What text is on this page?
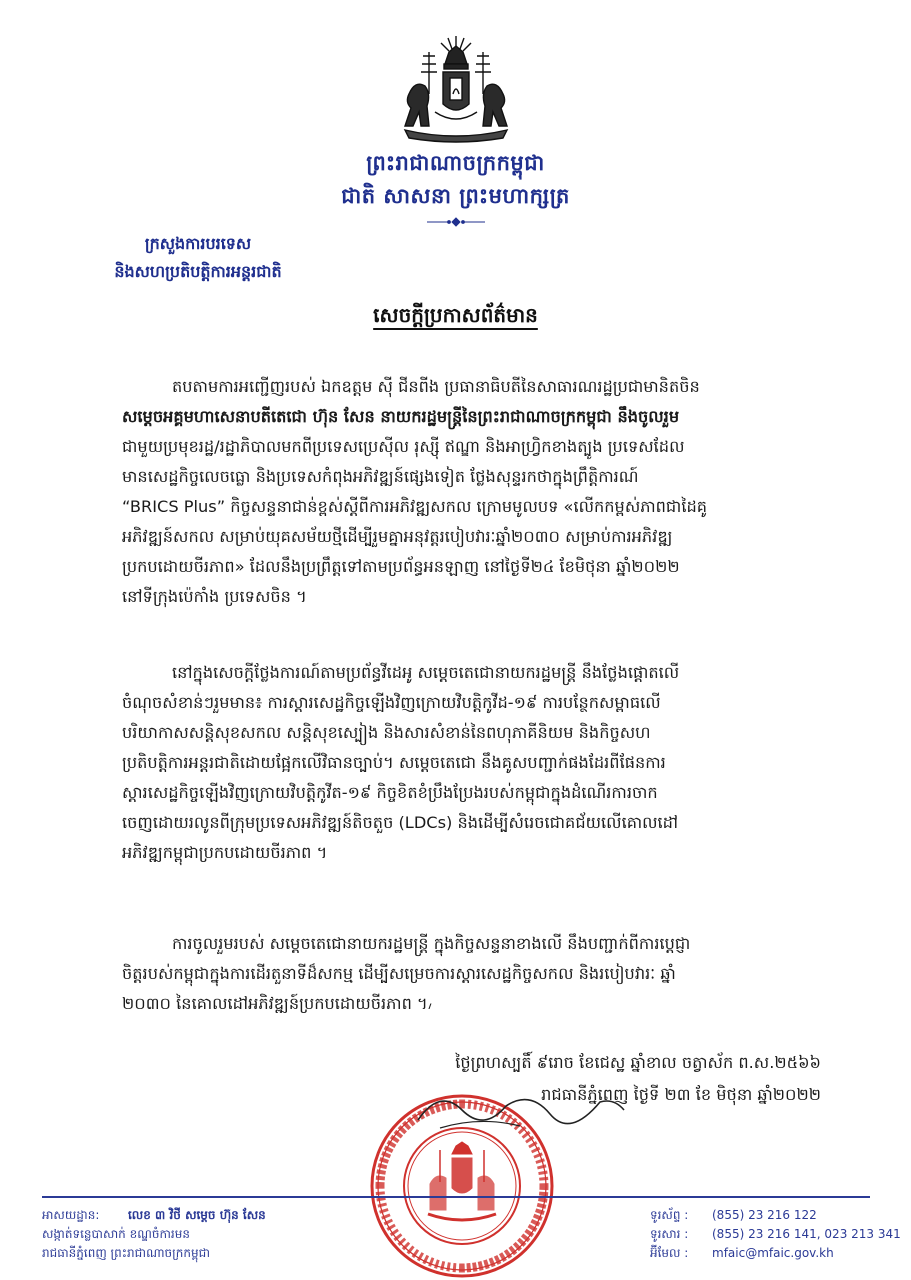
ព្រះរាជាណាចក្រកម្ពុជា
ជាតិ សាសនា ព្រះមហាក្សត្រ
ក្រសួងការបរទេស
និងសហប្រតិបត្តិការអន្តរជាតិ
សេចក្តីប្រកាសព័ត៌មាន
តបតាមការអញ្ជើញរបស់ ឯកឧត្តម ស៊ី ជីនពីង ប្រធានាធិបតីនៃសាធារណរដ្ឋប្រជាមានិតចិន
សម្តេចអគ្គមហាសេនាបតីតេជោ ហ៊ុន សែន នាយករដ្ឋមន្ត្រីនៃព្រះរាជាណាចក្រកម្ពុជា នឹងចូលរួម
ជាមួយប្រមុខរដ្ឋ/រដ្ឋាភិបាលមកពីប្រទេសប្រេស៊ីល រុស្ស៊ី ឥណ្ឌា និងអាហ្វ្រិកខាងត្បូង ប្រទេសដែល
មានសេដ្ឋកិច្ចលេចធ្លោ និងប្រទេសកំពុងអភិវឌ្ឍន៍ផ្សេងទៀត ថ្លែងសុន្ទរកថាក្នុងព្រឹត្តិការណ៍
“BRICS Plus” កិច្ចសន្ទនាជាន់ខ្ពស់ស្តីពីការអភិវឌ្ឍសកល ក្រោមមូលបទ «លើកកម្ពស់ភាពជាដៃគូ
អភិវឌ្ឍន៍សកល សម្រាប់យុគសម័យថ្មីដើម្បីរួមគ្នាអនុវត្តរបៀបវារៈឆ្នាំ២០៣០ សម្រាប់ការអភិវឌ្ឍ
ប្រកបដោយចីរភាព» ដែលនឹងប្រព្រឹត្តទៅតាមប្រព័ន្ធអនឡាញ នៅថ្ងៃទី២៤ ខែមិថុនា ឆ្នាំ២០២២
នៅទីក្រុងប៉េកាំង ប្រទេសចិន ។
នៅក្នុងសេចក្តីថ្លែងការណ៍តាមប្រព័ន្ធវីដេអូ សម្តេចតេជោនាយករដ្ឋមន្ត្រី នឹងថ្លែងផ្តោតលើ
ចំណុចសំខាន់ៗរួមមាន៖ ការស្តារសេដ្ឋកិច្ចឡើងវិញក្រោយវិបត្តិកូវីដ-១៩ ការបន្ថែកសម្ពាធលើ
បរិយាកាសសន្តិសុខសកល សន្តិសុខស្បៀង និងសារសំខាន់នៃពហុភាគីនិយម និងកិច្ចសហ
ប្រតិបត្តិការអន្តរជាតិដោយផ្អែកលើវិធានច្បាប់។ សម្តេចតេជោ នឹងគូសបញ្ជាក់ផងដែរពីផែនការ
ស្តារសេដ្ឋកិច្ចឡើងវិញក្រោយវិបត្តិកូវីត-១៩ កិច្ចខិតខំប្រឹងប្រែងរបស់កម្ពុជាក្នុងដំណើរការចាក
ចេញដោយរលូនពីក្រុមប្រទេសអភិវឌ្ឍន៍តិចតួច (LDCs) និងដើម្បីសំរេចជោគជ័យលើគោលដៅ
អភិវឌ្ឍកម្ពុជាប្រកបដោយចីរភាព ។
ការចូលរួមរបស់ សម្តេចតេជោនាយករដ្ឋមន្ត្រី ក្នុងកិច្ចសន្ទនាខាងលើ នឹងបញ្ជាក់ពីការប្តេជ្ញា
ចិត្តរបស់កម្ពុជាក្នុងការដើរតួនាទីដ៏សកម្ម ដើម្បីសម្រេចការស្តារសេដ្ឋកិច្ចសកល និងរបៀបវារៈ ឆ្នាំ
២០៣០ នៃគោលដៅអភិវឌ្ឍន៍ប្រកបដោយចីរភាព ។៸
ថ្ងៃព្រហស្បតិ៍ ៩រោច ខែជេស្ឋ ឆ្នាំខាល ចត្វាស័ក ព.ស.២៥៦៦
រាជធានីភ្នំពេញ ថ្ងៃទី ២៣ ខែ មិថុនា ឆ្នាំ២០២២
អាសយដ្ឋាន: លេខ ៣ វិថី សម្តេច ហ៊ុន សែន
សង្កាត់ទន្លេបាសាក់ ខណ្ឌចំការមន
រាជធានីភ្នំពេញ ព្រះរាជាណាចក្រកម្ពុជា
ទូរស័ព្ទ : (855) 23 216 122
ទូរសារ : (855) 23 216 141, 023 213 341
អ៊ីមែល : mfaic@mfaic.gov.kh
